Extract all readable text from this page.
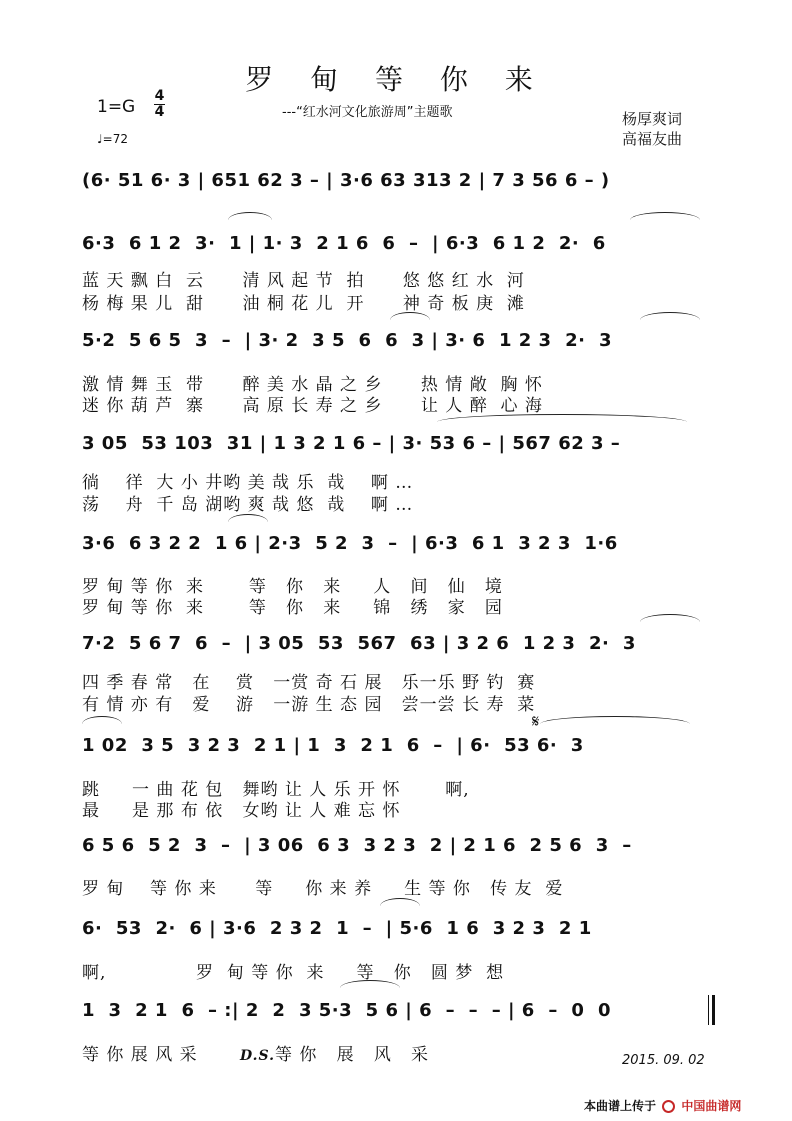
罗 甸 等 你 来
---“红水河文化旅游周”主题歌
1=G
4
4
♩=72
杨厚爽词
高福友曲
(6· 51 6· 3 | 651 62 3 – | 3·6 63 313 2 | 7 3 56 6 – )
6·3  6 1 2  3·  1 | 1· 3  2 1 6  6  –  | 6·3  6 1 2  2·  6
蓝 天 飘 白  云      清 风 起 节  拍      悠 悠 红 水  河
杨 梅 果 儿  甜      油 桐 花 儿  开      神 奇 板 庚  滩
5·2  5 6 5  3  –  | 3· 2  3 5  6  6  3 | 3· 6  1 2 3  2·  3
激 情 舞 玉  带      醉 美 水 晶 之 乡      热 情 敞  胸 怀
迷 你 葫 芦  寨      高 原 长 寿 之 乡      让 人 醉  心 海
3 05  53 103  31 | 1 3 2 1 6 – | 3· 53 6 – | 567 62 3 –
徜    徉  大 小 井哟 美 哉 乐  哉    啊 …
荡    舟  千 岛 湖哟 爽 哉 悠  哉    啊 …
3·6  6 3 2 2  1 6 | 2·3  5 2  3  –  | 6·3  6 1  3 2 3  1·6
罗 甸 等 你  来       等   你   来     人   间   仙   境
罗 甸 等 你  来       等   你   来     锦   绣   家   园
7·2  5 6 7  6  –  | 3 05  53  567  63 | 3 2 6  1 2 3  2·  3
四 季 春 常   在    赏   一赏 奇 石 展   乐一乐 野 钓  赛
有 情 亦 有   爱    游   一游 生 态 园   尝一尝 长 寿  菜
𝄋
1 02  3 5  3 2 3  2 1 | 1  3  2 1  6  –  | 6·  53 6·  3
跳     一 曲 花 包   舞哟 让 人 乐 开 怀       啊,
最     是 那 布 依   女哟 让 人 难 忘 怀
6 5 6  5 2  3  –  | 3 06  6 3  3 2 3  2 | 2 1 6  2 5 6  3  –
罗 甸    等 你 来      等     你 来 养     生 等 你   传 友  爱
6·  53  2·  6 | 3·6  2 3 2  1  –  | 5·6  1 6  3 2 3  2 1
啊,              罗  甸 等 你  来     等   你   圆 梦  想
1  3  2 1  6  – :| 2  2  3 5·3  5 6 | 6  –  –  – | 6  –  0  0
等 你 展 风 采	D.S.等 你   展   风   采	2015. 09. 02
本曲谱上传于 中国曲谱网
